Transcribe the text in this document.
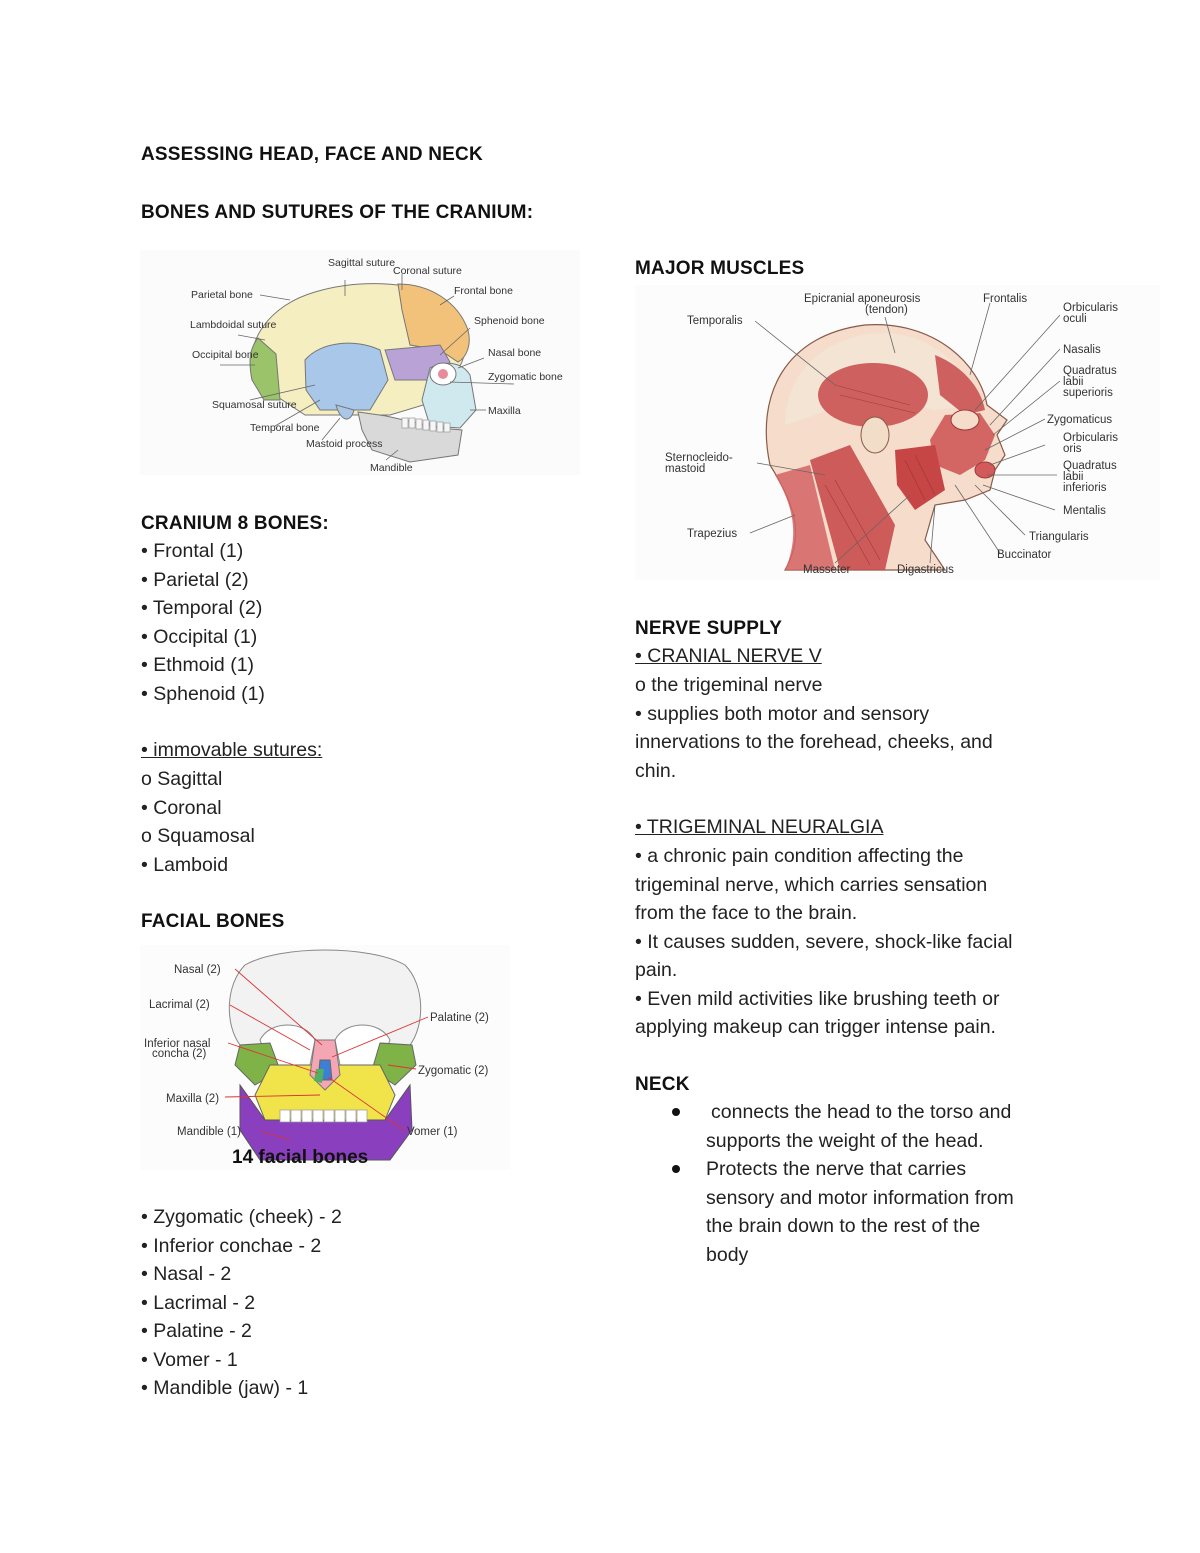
ASSESSING HEAD, FACE AND NECK
BONES AND SUTURES OF THE CRANIUM:
Sagittal suture
Coronal suture
Parietal bone	Frontal bone
Lambdoidal suture	Sphenoid bone
Occipital bone	Nasal bone
Zygomatic bone
Squamosal suture	Maxilla
Temporal bone
Mastoid process
Mandible
CRANIUM 8 BONES:
• Frontal (1)
• Parietal (2)
• Temporal (2)
• Occipital (1)
• Ethmoid (1)
• Sphenoid (1)
• immovable sutures:
o Sagittal
• Coronal
o Squamosal
• Lamboid
FACIAL BONES
Nasal (2)
Lacrimal (2)
Palatine (2)
Inferior nasal
concha (2)
Zygomatic (2)
Maxilla (2)
Mandible (1)	Vomer (1)
14 facial bones
• Zygomatic (cheek) - 2
• Inferior conchae - 2
• Nasal - 2
• Lacrimal - 2
• Palatine - 2
• Vomer - 1
• Mandible (jaw) - 1
MAJOR MUSCLES
Epicranial aponeurosis
(tendon)
Frontalis
Orbicularis
oculi
Temporalis
Nasalis
Quadratus
labii
superioris
Zygomaticus
Orbicularis
oris
Sternocleido-
mastoid	Quadratus
labii
inferioris
Mentalis
Trapezius	Triangularis
Buccinator
Masseter	Digastricus
NERVE SUPPLY
• CRANIAL NERVE V
o the trigeminal nerve
• supplies both motor and sensory
innervations to the forehead, cheeks, and
chin.
• TRIGEMINAL NEURALGIA
• a chronic pain condition affecting the
trigeminal nerve, which carries sensation
from the face to the brain.
• It causes sudden, severe, shock-like facial
pain.
• Even mild activities like brushing teeth or
applying makeup can trigger intense pain.
NECK
connects the head to the torso and
supports the weight of the head.
Protects the nerve that carries
sensory and motor information from
the brain down to the rest of the
body
